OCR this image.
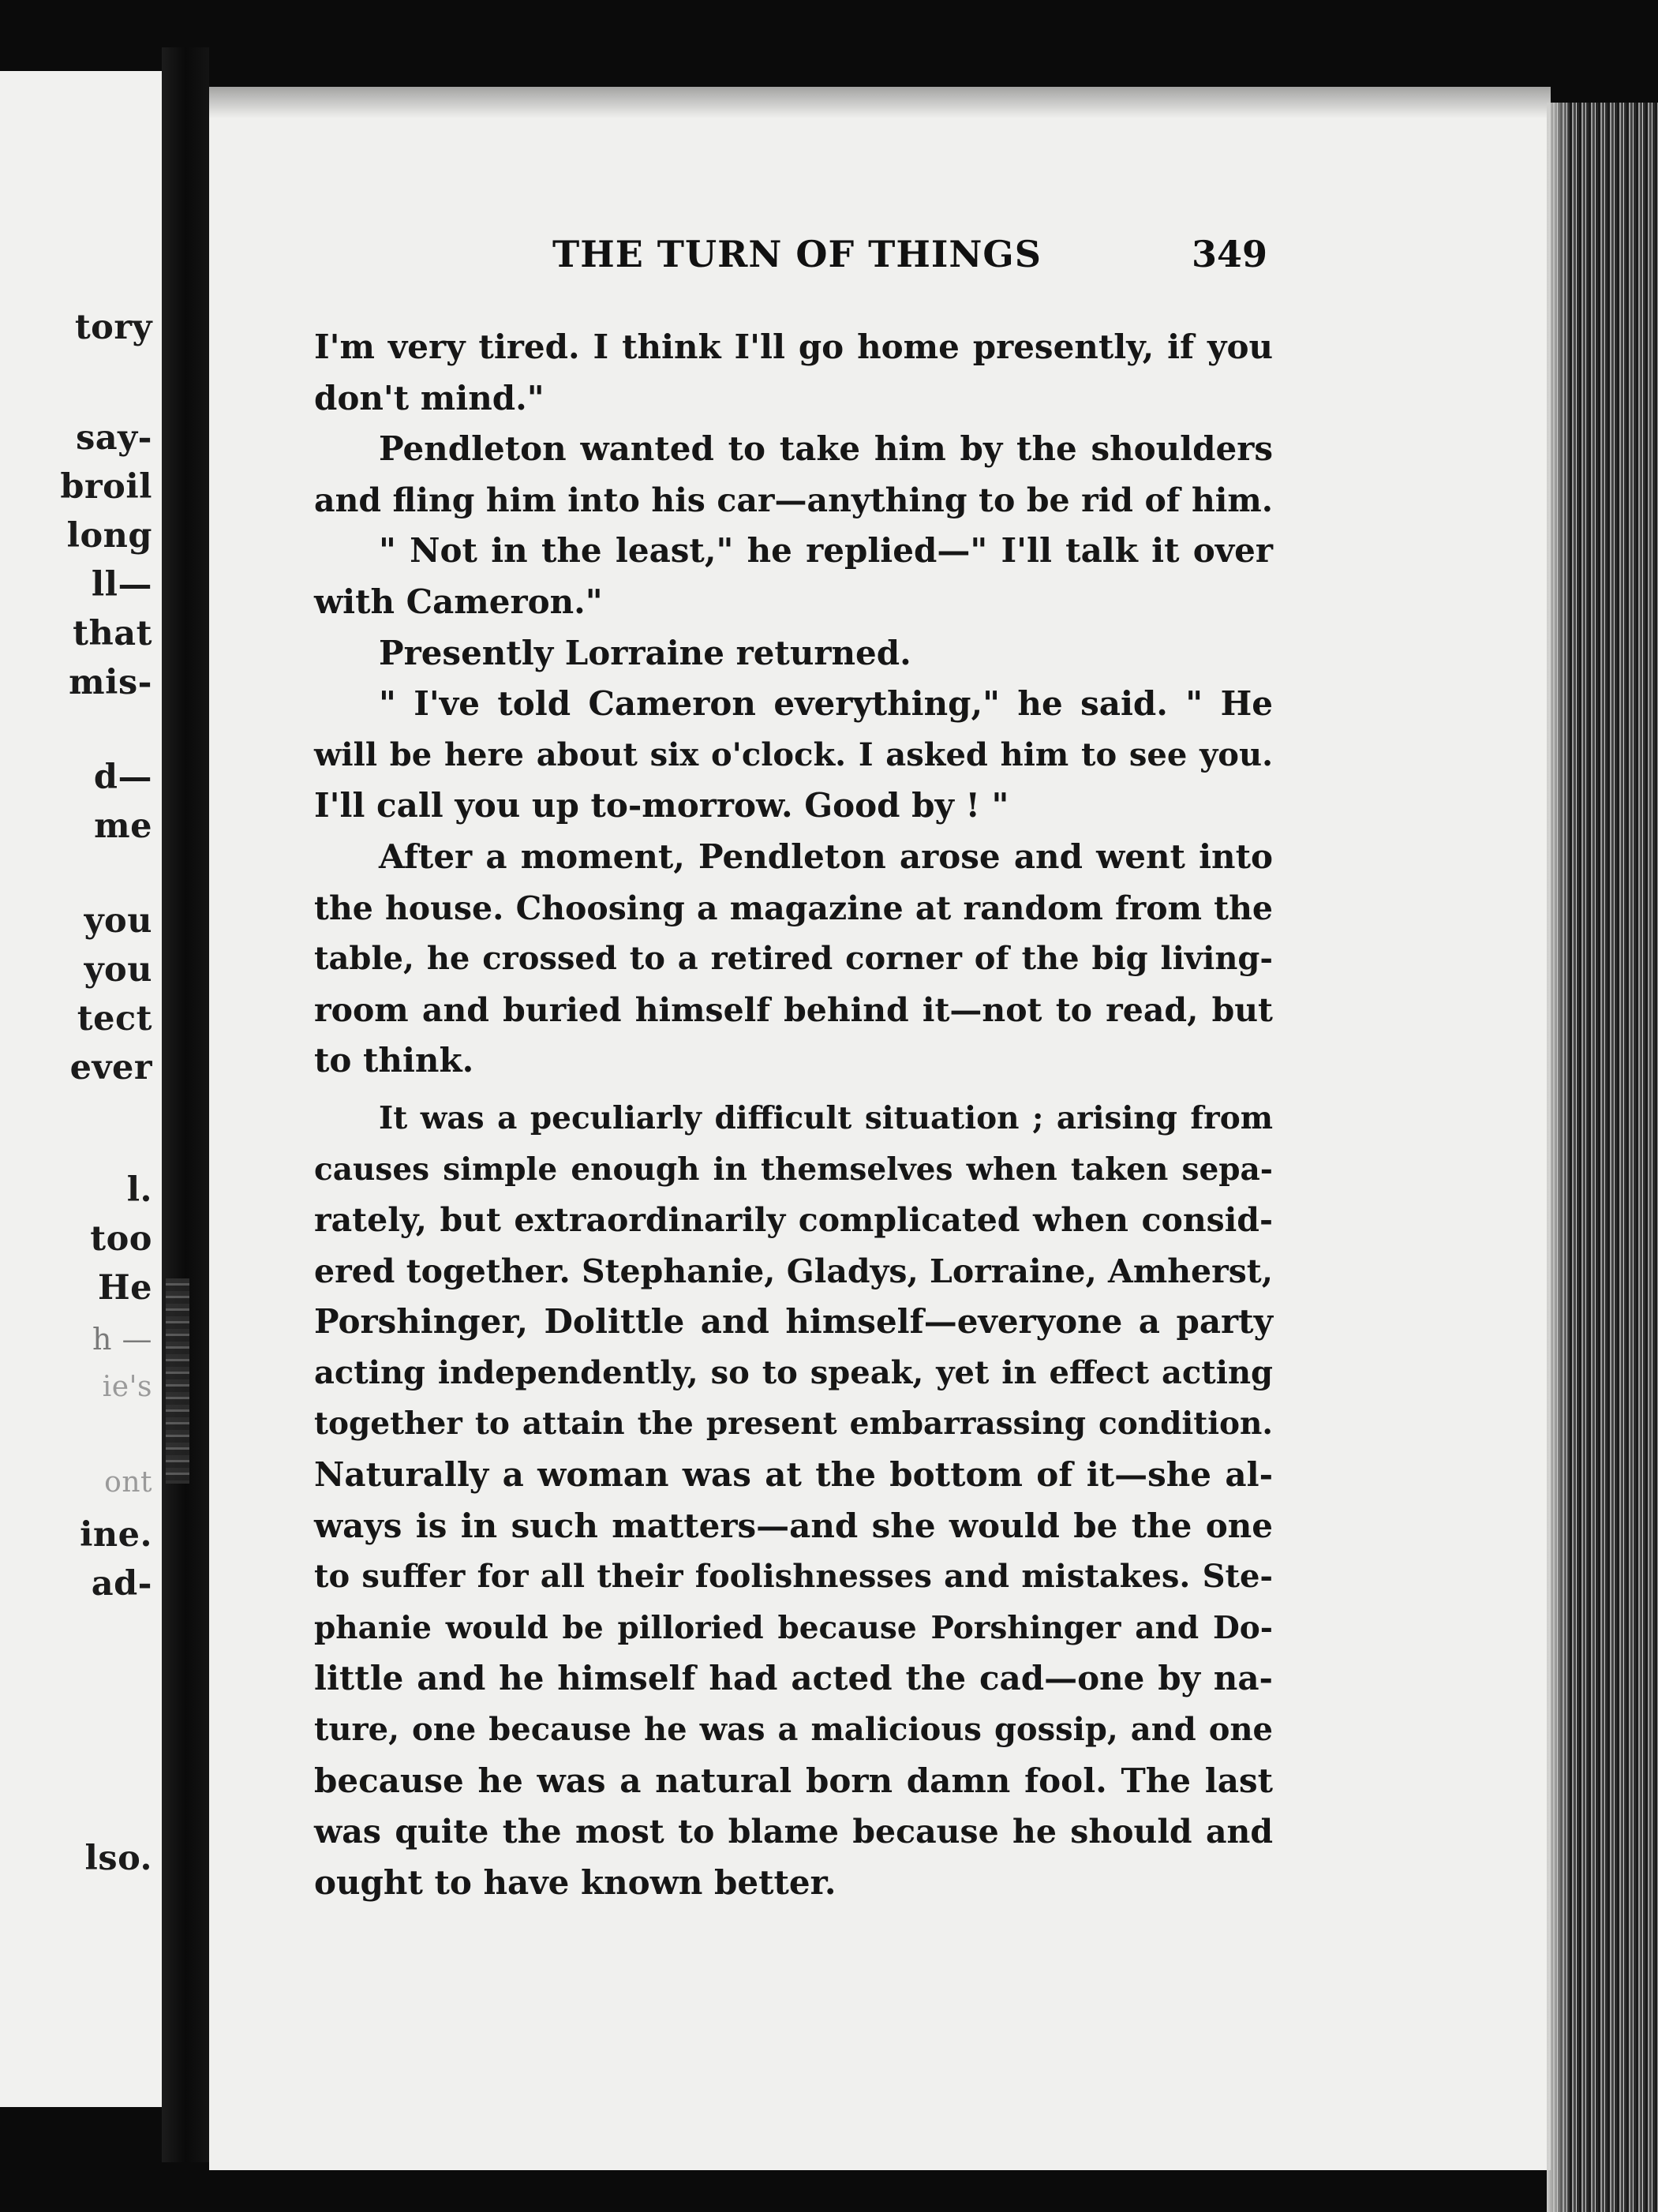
tory
say-
broil
long
ll—
that
mis-
d—
me
you
you
tect
ever
l.
too
He
h —
ie's
ont
ine.
ad-
lso.
THE TURN OF THINGS	349
I'm very tired. I think I'll go home presently, if you
don't mind."
Pendleton wanted to take him by the shoulders
and fling him into his car—anything to be rid of him.
" Not in the least," he replied—" I'll talk it over
with Cameron."
Presently Lorraine returned.
" I've told Cameron everything," he said. " He
will be here about six o'clock. I asked him to see you.
I'll call you up to-morrow. Good by ! "
After a moment, Pendleton arose and went into
the house. Choosing a magazine at random from the
table, he crossed to a retired corner of the big living-
room and buried himself behind it—not to read, but
to think.
It was a peculiarly difficult situation ; arising from
causes simple enough in themselves when taken sepa-
rately, but extraordinarily complicated when consid-
ered together. Stephanie, Gladys, Lorraine, Amherst,
Porshinger, Dolittle and himself—everyone a party
acting independently, so to speak, yet in effect acting
together to attain the present embarrassing condition.
Naturally a woman was at the bottom of it—she al-
ways is in such matters—and she would be the one
to suffer for all their foolishnesses and mistakes. Ste-
phanie would be pilloried because Porshinger and Do-
little and he himself had acted the cad—one by na-
ture, one because he was a malicious gossip, and one
because he was a natural born damn fool. The last
was quite the most to blame because he should and
ought to have known better.
